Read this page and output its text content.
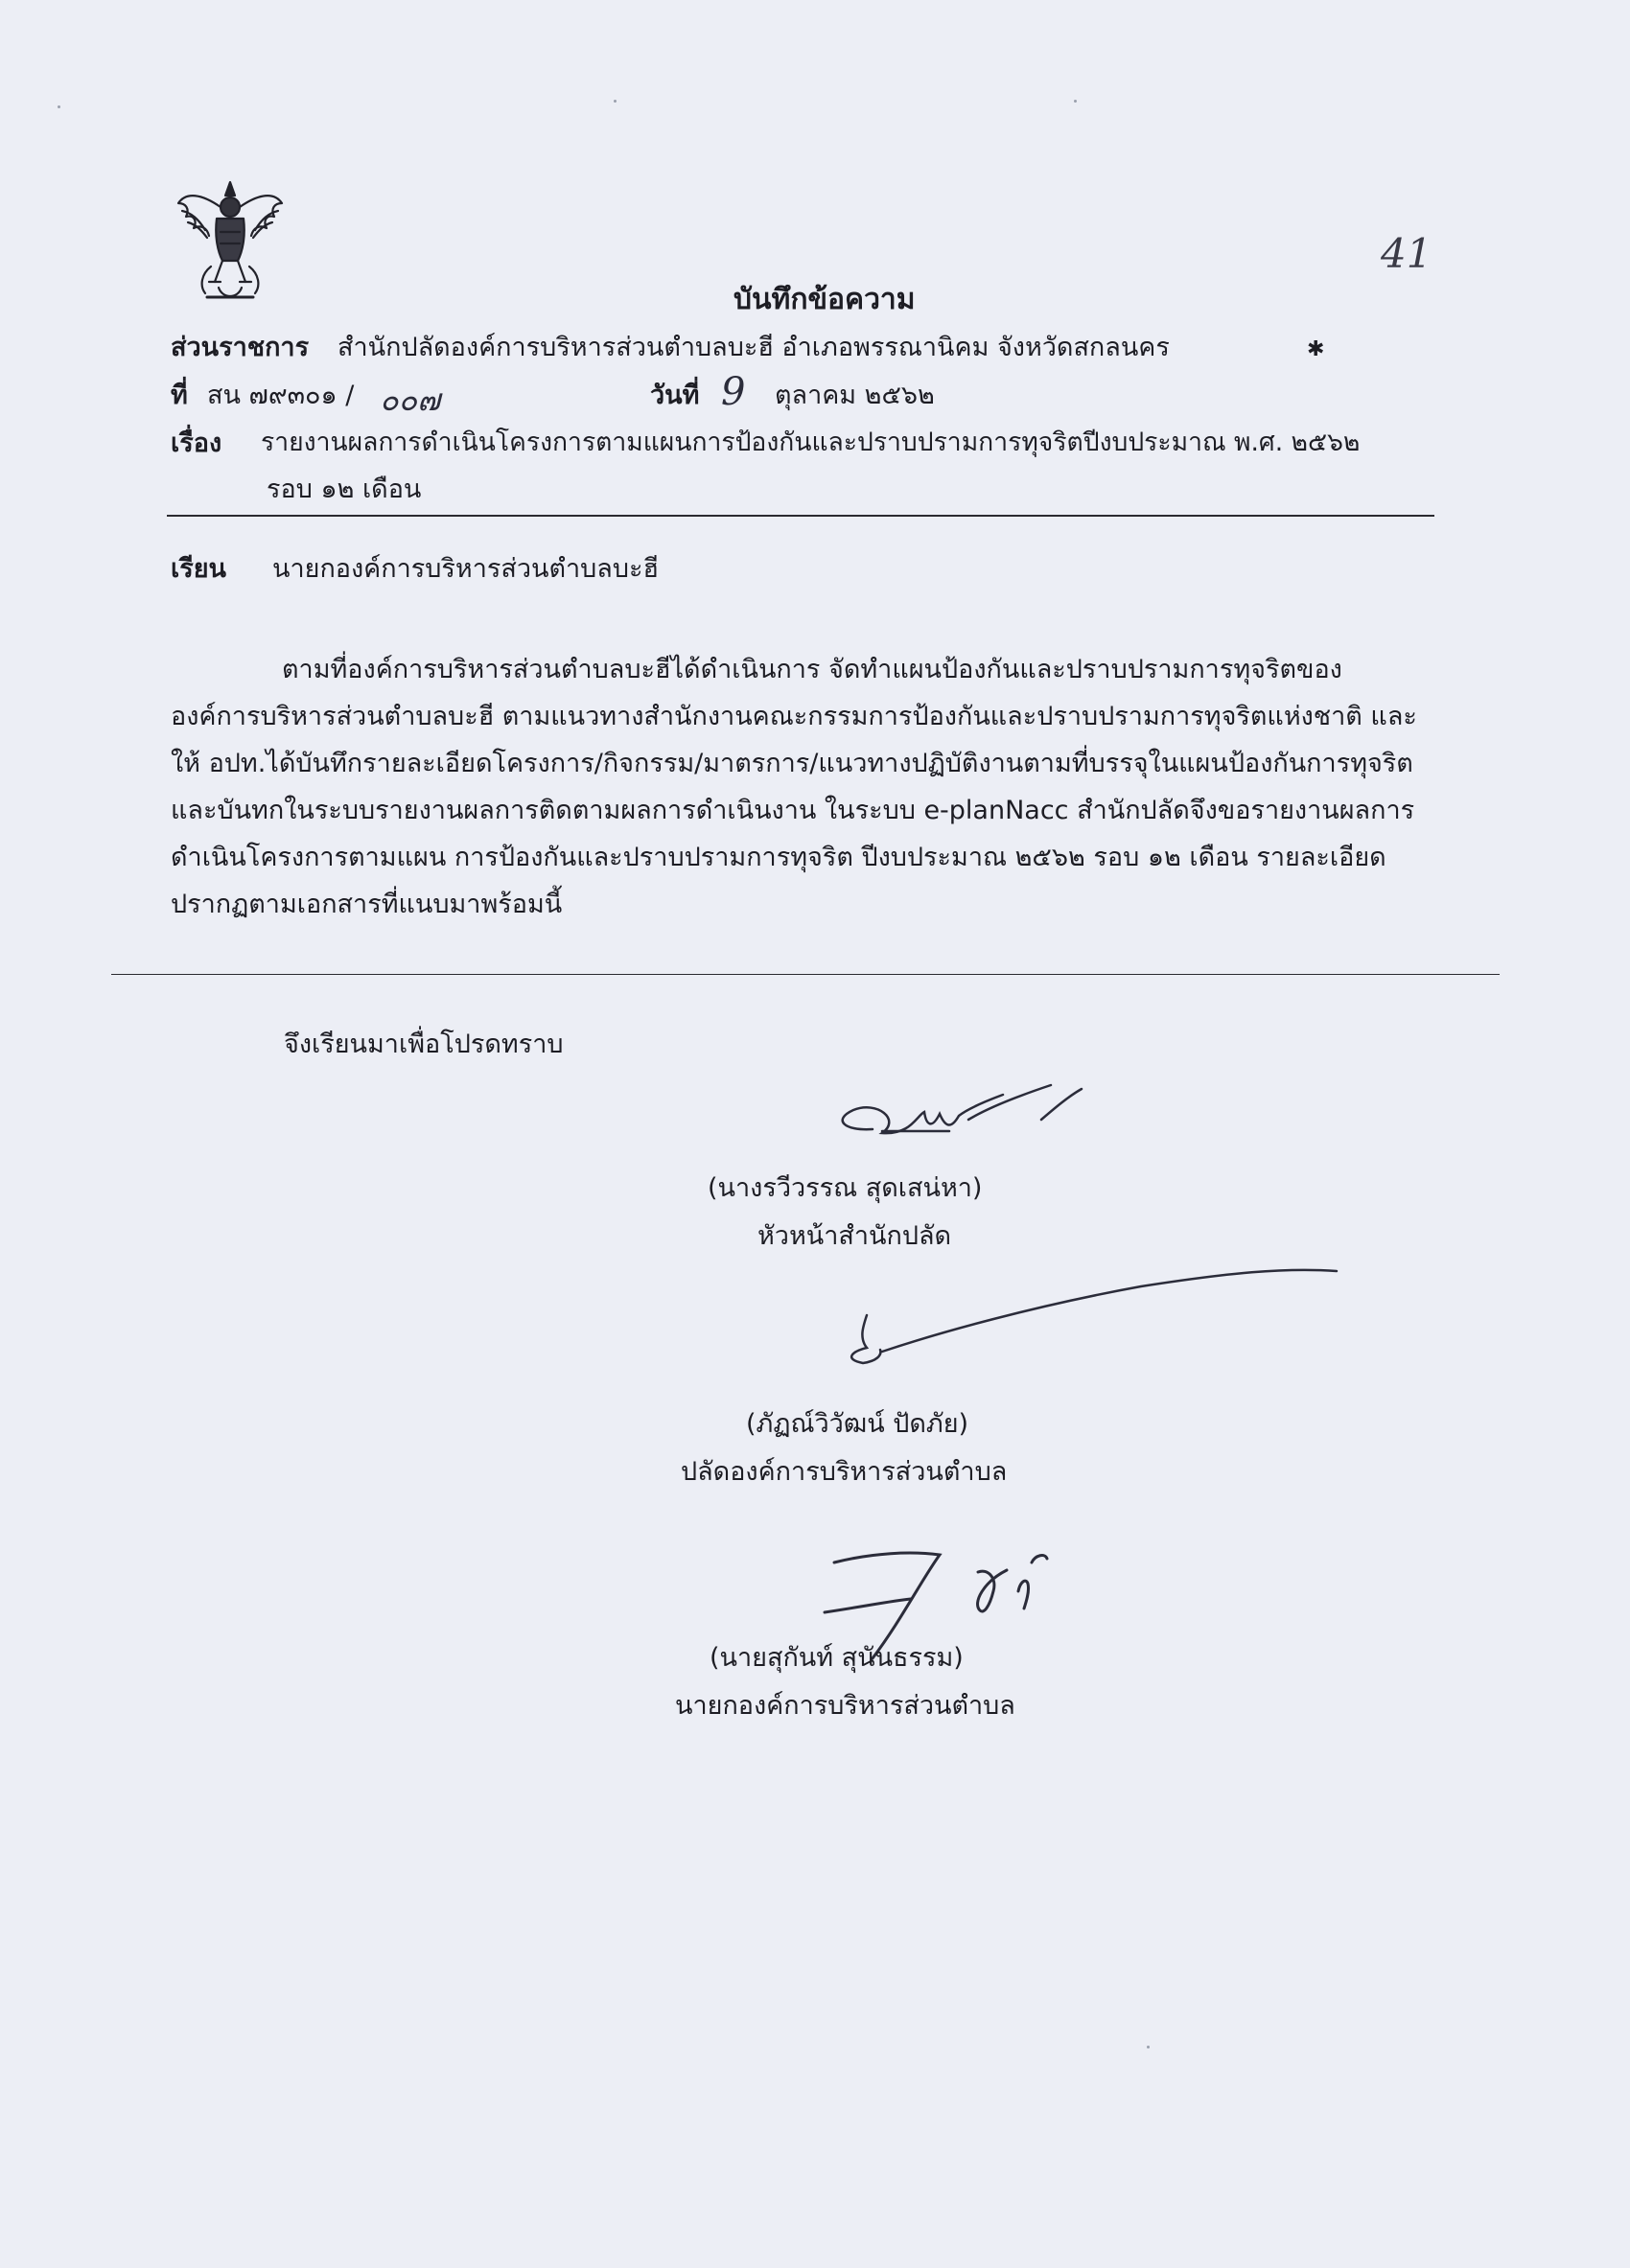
41
บันทึกข้อความ
ส่วนราชการ สำนักปลัดองค์การบริหารส่วนตำบลบะฮี อำเภอพรรณานิคม จังหวัดสกลนคร	✱
ที่ สน ๗๙๓๐๑ / ๐๐๗	วันที่ 9 ตุลาคม ๒๕๖๒
เรื่อง รายงานผลการดำเนินโครงการตามแผนการป้องกันและปราบปรามการทุจริตปีงบประมาณ พ.ศ. ๒๕๖๒
รอบ ๑๒ เดือน
เรียน นายกองค์การบริหารส่วนตำบลบะฮี
ตามที่องค์การบริหารส่วนตำบลบะฮีได้ดำเนินการ จัดทำแผนป้องกันและปราบปรามการทุจริตของ
องค์การบริหารส่วนตำบลบะฮี ตามแนวทางสำนักงานคณะกรรมการป้องกันและปราบปรามการทุจริตแห่งชาติ และ
ให้ อปท.ได้บันทึกรายละเอียดโครงการ/กิจกรรม/มาตรการ/แนวทางปฏิบัติงานตามที่บรรจุในแผนป้องกันการทุจริต
และบันทกในระบบรายงานผลการติดตามผลการดำเนินงาน ในระบบ e-planNacc สำนักปลัดจึงขอรายงานผลการ
ดำเนินโครงการตามแผน การป้องกันและปราบปรามการทุจริต ปีงบประมาณ ๒๕๖๒ รอบ ๑๒ เดือน รายละเอียด
ปรากฏตามเอกสารที่แนบมาพร้อมนี้
จึงเรียนมาเพื่อโปรดทราบ
(นางรวีวรรณ สุดเสน่หา)
หัวหน้าสำนักปลัด
(ภัฏณ์วิวัฒน์ ปัดภัย)
ปลัดองค์การบริหารส่วนตำบล
(นายสุกันท์ สุนันธรรม)
นายกองค์การบริหารส่วนตำบล
